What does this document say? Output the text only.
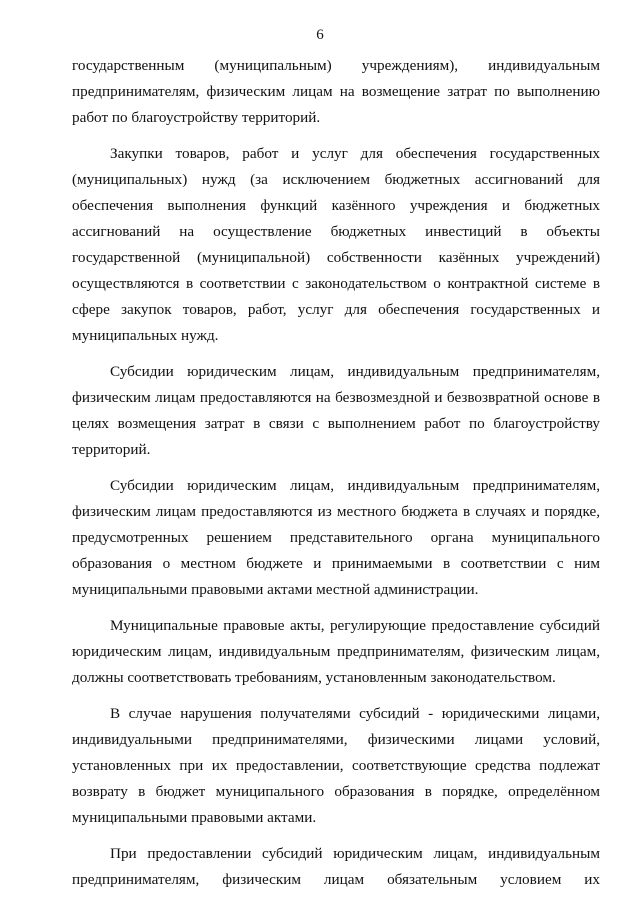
6
государственным (муниципальным) учреждениям), индивидуальным
предпринимателям, физическим лицам на возмещение затрат по выполнению
работ по благоустройству территорий.
Закупки товаров, работ и услуг для обеспечения государственных
(муниципальных) нужд (за исключением бюджетных ассигнований для
обеспечения выполнения функций казённого учреждения и бюджетных
ассигнований на осуществление бюджетных инвестиций в объекты
государственной (муниципальной) собственности казённых учреждений)
осуществляются в соответствии с законодательством о контрактной системе в
сфере закупок товаров, работ, услуг для обеспечения государственных и
муниципальных нужд.
Субсидии юридическим лицам, индивидуальным предпринимателям,
физическим лицам предоставляются на безвозмездной и безвозвратной основе в
целях возмещения затрат в связи с выполнением работ по благоустройству
территорий.
Субсидии юридическим лицам, индивидуальным предпринимателям,
физическим лицам предоставляются из местного бюджета в случаях и порядке,
предусмотренных решением представительного органа муниципального
образования о местном бюджете и принимаемыми в соответствии с ним
муниципальными правовыми актами местной администрации.
Муниципальные правовые акты, регулирующие предоставление субсидий
юридическим лицам, индивидуальным предпринимателям, физическим лицам,
должны соответствовать требованиям, установленным законодательством.
В случае нарушения получателями субсидий - юридическими лицами,
индивидуальными предпринимателями, физическими лицами условий,
установленных при их предоставлении, соответствующие средства подлежат
возврату в бюджет муниципального образования в порядке, определённом
муниципальными правовыми актами.
При предоставлении субсидий юридическим лицам, индивидуальным
предпринимателям, физическим лицам обязательным условием их
